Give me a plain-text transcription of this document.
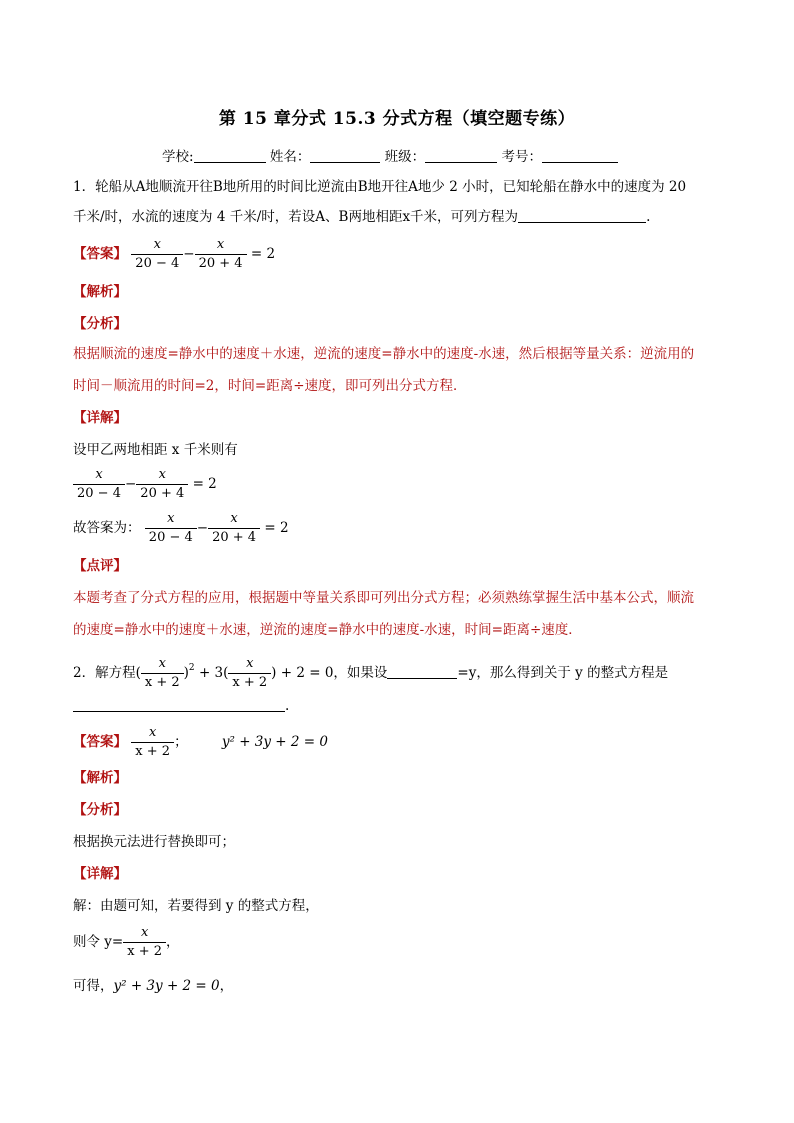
第 15 章分式 15.3 分式方程（填空题专练）
学校:	姓名：	班级：	考号：
1．轮船从A地顺流开往B地所用的时间比逆流由B地开往A地少 2 小时，已知轮船在静水中的速度为 20
千米/时，水流的速度为 4 千米/时，若设A、B两地相距x千米，可列方程为	.
【答案】 $\frac{x}{20 - 4} - \frac{x}{20 + 4} = 2$
【解析】
【分析】
根据顺流的速度=静水中的速度＋水速，逆流的速度=静水中的速度-水速，然后根据等量关系：逆流用的
时间－顺流用的时间=2，时间=距离÷速度，即可列出分式方程．
【详解】
设甲乙两地相距 x 千米则有
$\frac{x}{20 - 4} - \frac{x}{20 + 4} = 2$
故答案为： $\frac{x}{20 - 4} - \frac{x}{20 + 4} = 2$
【点评】
本题考查了分式方程的应用，根据题中等量关系即可列出分式方程；必须熟练掌握生活中基本公式，顺流
的速度=静水中的速度＋水速，逆流的速度=静水中的速度-水速，时间=距离÷速度．
2．解方程( $\frac{x}{x + 2} )^2 + 3( \frac{x}{x + 2}$ ) + 2 = 0，如果设	=y，那么得到关于 y 的整式方程是
.
【答案】 $\frac{x}{x + 2}$ ；	y² + 3y + 2 = 0
【解析】
【分析】
根据换元法进行替换即可；
【详解】
解：由题可知，若要得到 y 的整式方程，
则令 $y= \frac{x}{x + 2}$ ，
可得，y² + 3y + 2 = 0，
